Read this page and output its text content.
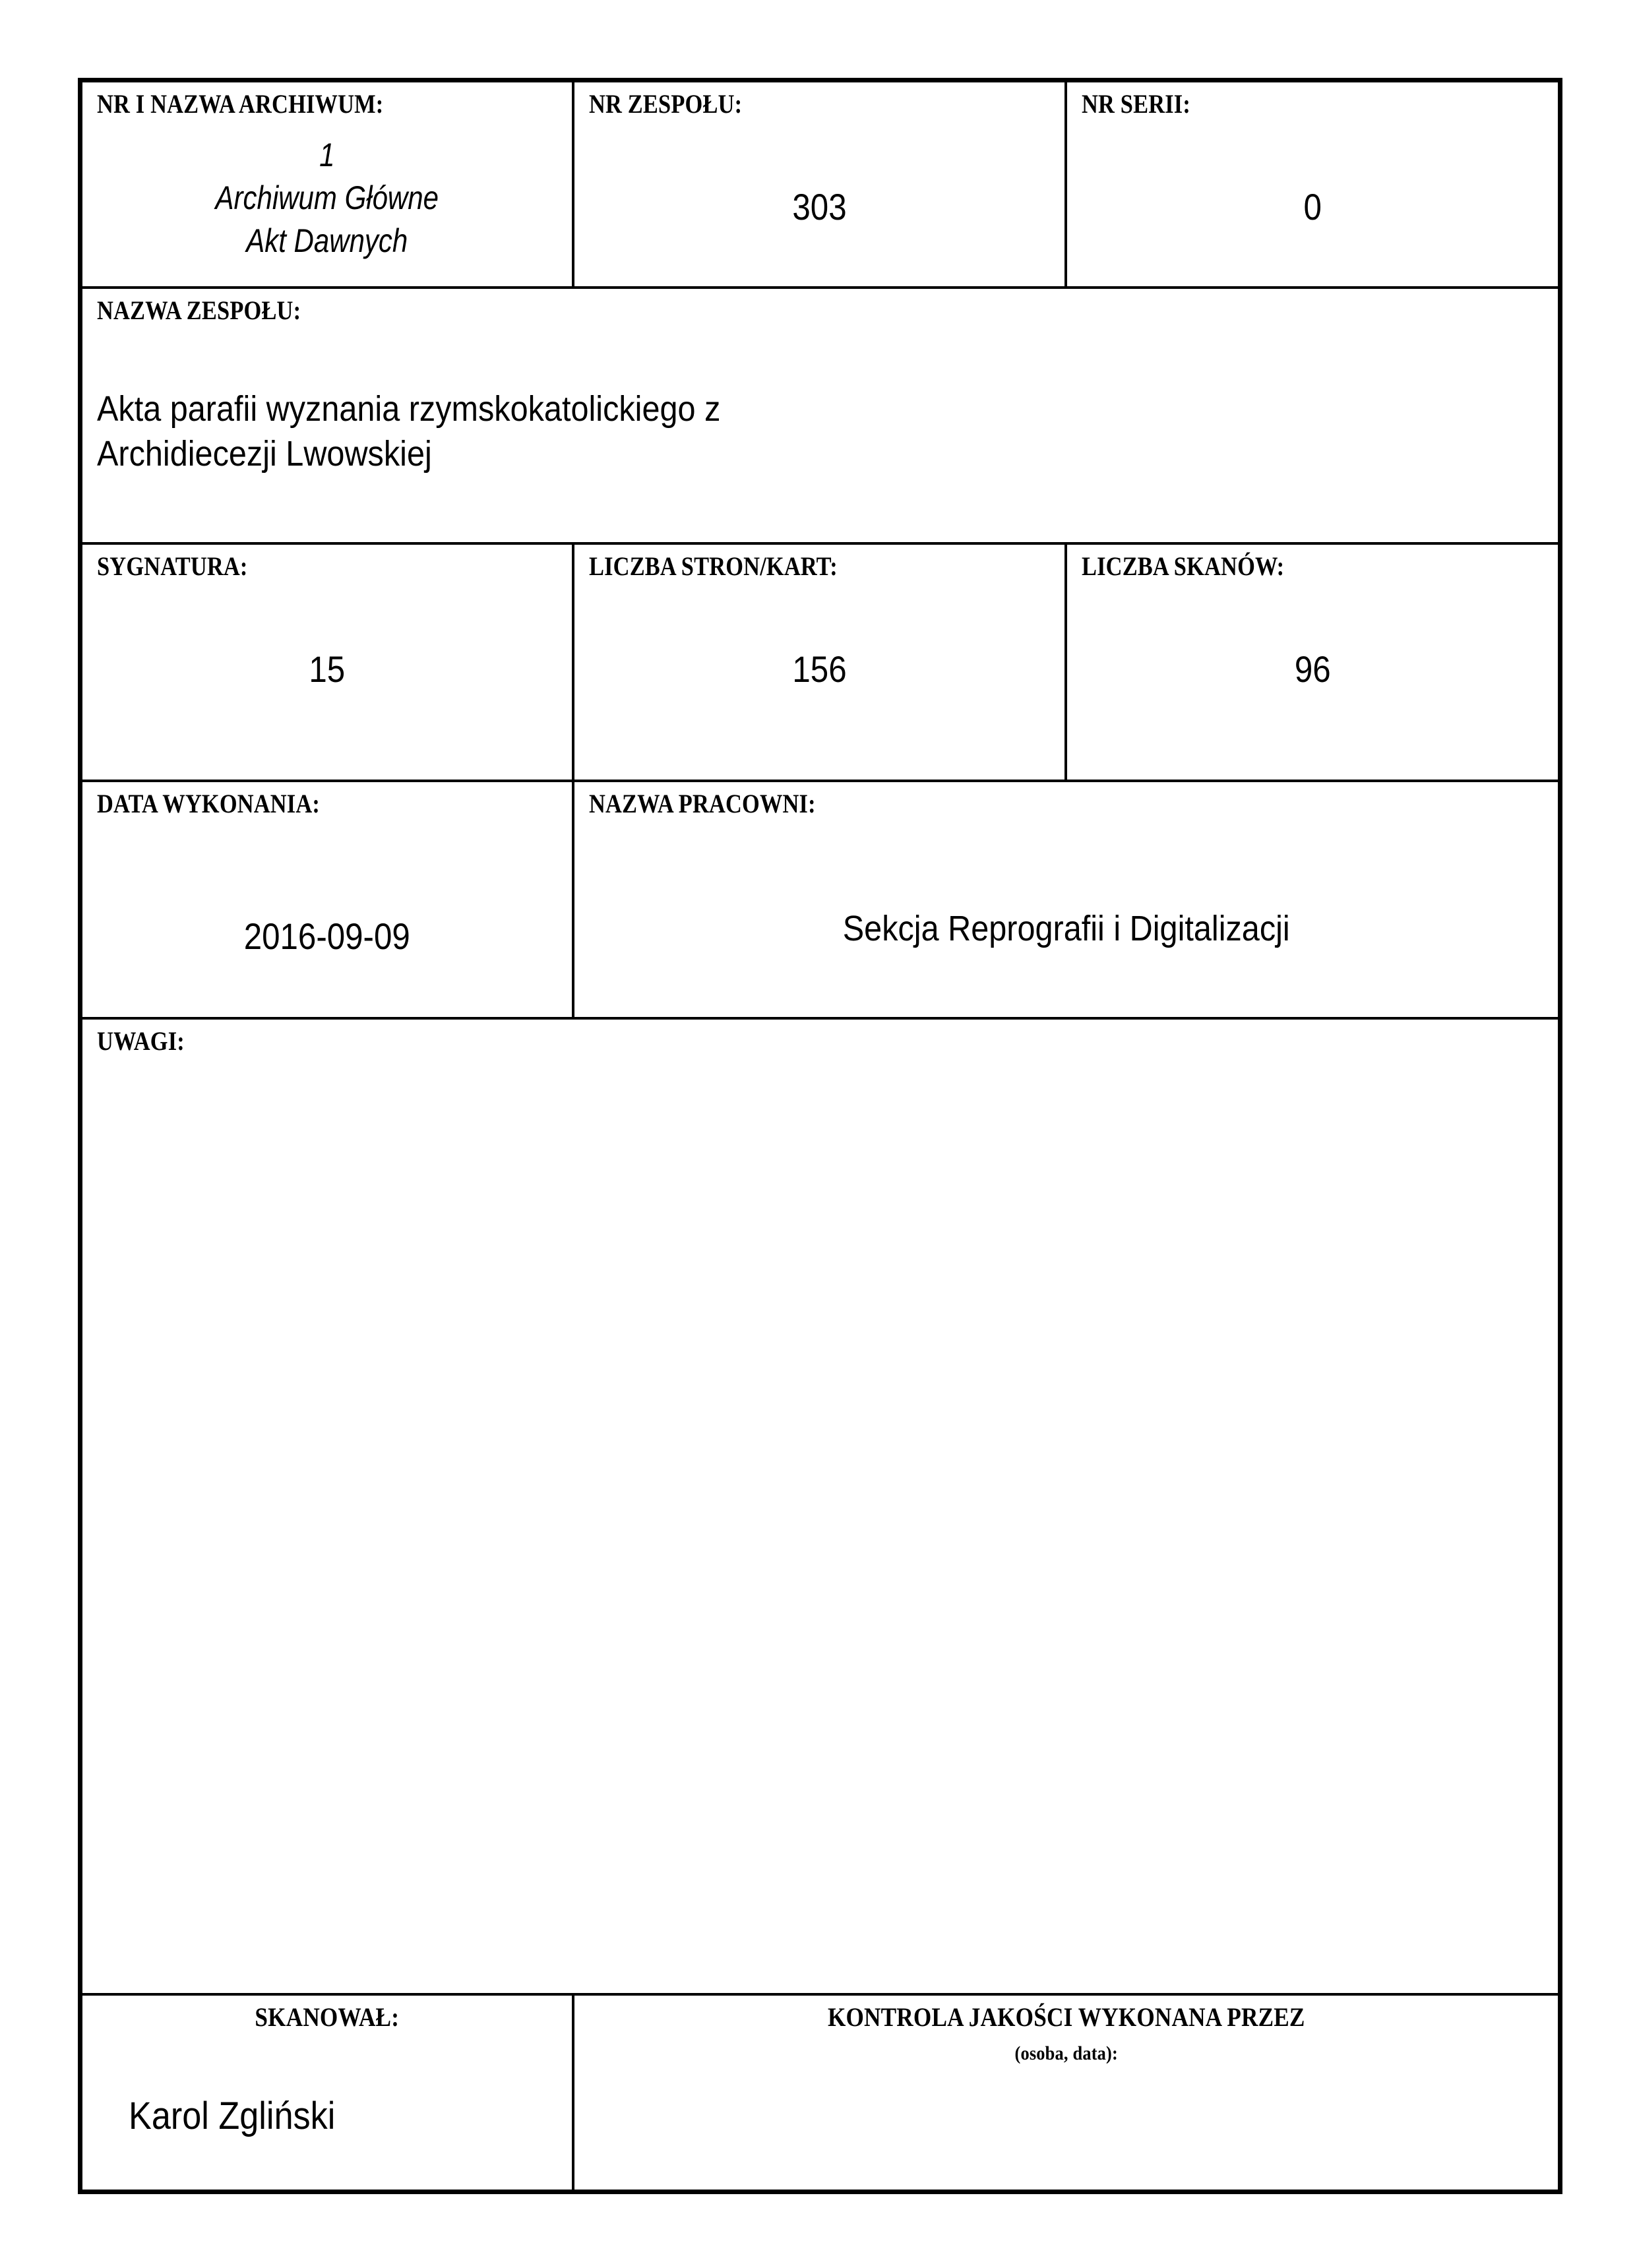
NR I NAZWA ARCHIWUM:
1
Archiwum Główne
Akt Dawnych

NR ZESPOŁU:
303

NR SERII:
0

NAZWA ZESPOŁU:
Akta parafii wyznania rzymskokatolickiego z
Archidiecezji Lwowskiej		

SYGNATURA:
15

LICZBA STRON/KART:
156

LICZBA SKANÓW:
96

DATA WYKONANIA:
2016-09-09

NAZWA PRACOWNI:
Sekcja Reprografii i Digitalizacji

UWAGI:		

SKANOWAŁ:
Karol Zgliński

KONTROLA JAKOŚCI WYKONANA PRZEZ
(osoba, data):
